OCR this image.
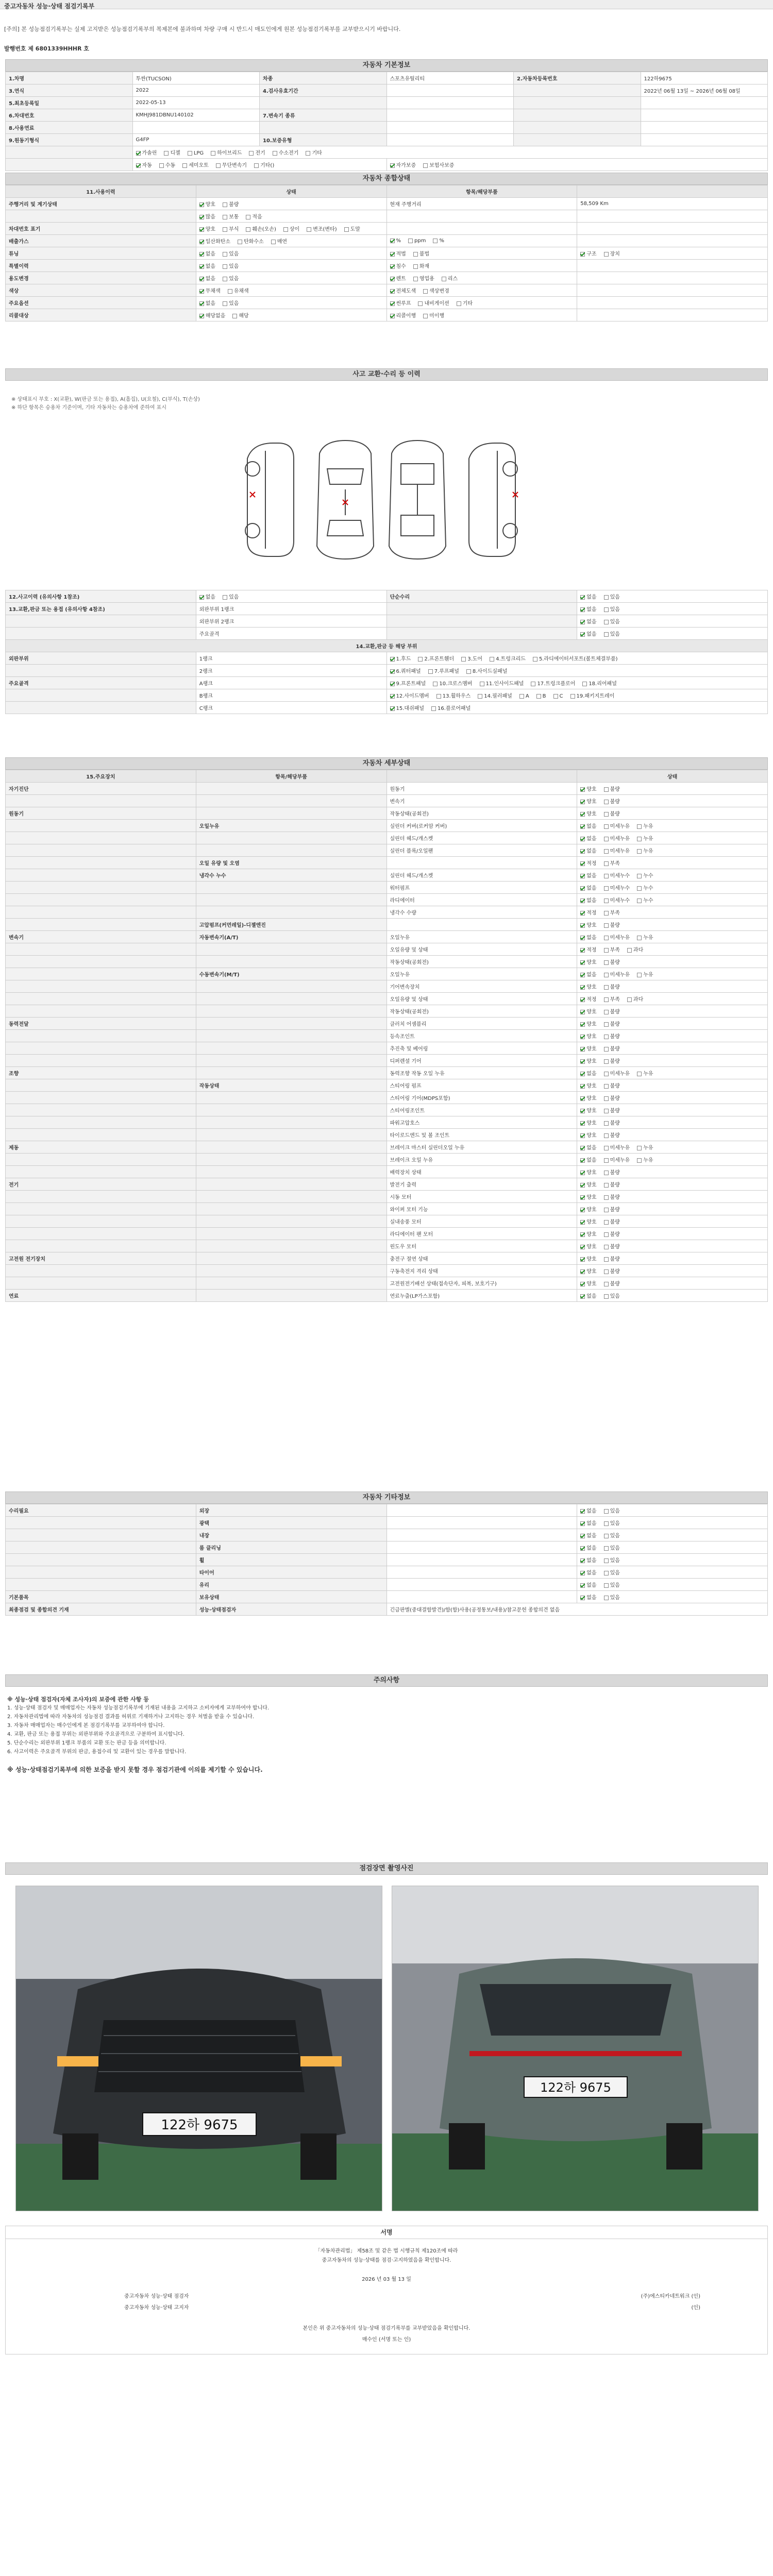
중고자동차 성능·상태 점검기록부
[주의] 본 성능점검기록부는 실제 고지받은 성능점검기록부의 복제본에 불과하며 차량 구매 시 반드시 매도인에게 원본 성능점검기록부를 교부받으시기 바랍니다.
발행번호 제 6801339HHHR 호
자동차 기본정보
1.차명	투싼(TUCSON)	차종	스포츠유틸리티	2.자동차등록번호	122하9675
3.연식	2022	4.검사유효기간			2022년 06월 13일 ~ 2026년 06월 08일
5.최초등록일	2022-05-13				
6.차대번호	KMHJ981DBNU140102	7.변속기 종류			
8.사용연료					
9.원동기형식	G4FP	10.보증유형			
	가솔린 디젤 LPG 하이브리드 전기 수소전기 기타				
	자동 수동 세미오토 무단변속기 기타()		자가보증 보험사보증		
자동차 종합상태
11.사용이력	상태	항목/해당부품	
주행거리 및 계기상태	양호 불량	현재 주행거리	58,509 Km
	많음 보통 적음		
차대번호 표기	양호 부식 훼손(오손) 상이 변조(변타) 도말		
배출가스	일산화탄소 탄화수소 매연	% ppm %	
튜닝	없음 있음	적법 불법	구조 장치
특별이력	없음 있음	침수 화재	
용도변경	없음 있음	렌트 영업용 리스	
색상	무채색 유채색	전체도색 색상변경	
주요옵션	없음 있음	썬루프 내비게이션 기타	
리콜대상	해당없음 해당	리콜이행 미이행	
사고 교환·수리 등 이력
※ 상태표시 부호 : X(교환), W(판금 또는 용접), A(흠집), U(요철), C(부식), T(손상)
※ 하단 항목은 승용차 기준이며, 기타 자동차는 승용차에 준하여 표시
12.사고이력 (유의사항 1참조)	없음 있음	단순수리	없음 있음
13.교환,판금 또는 용접 (유의사항 4참조)	외판부위 1랭크		없음 있음
	외판부위 2랭크		없음 있음
	주요골격		없음 있음
14.교환,판금 등 해당 부위			
외판부위	1랭크	1.후드 2.프론트휀더 3.도어 4.트렁크리드 5.라디에이터서포트(볼트체결부품)	
	2랭크	6.쿼터패널 7.루프패널 8.사이드실패널	
주요골격	A랭크	9.프론트패널 10.크로스멤버 11.인사이드패널 17.트렁크플로어 18.리어패널	
	B랭크	12.사이드멤버 13.휠하우스 14.필러패널 A B C 19.패키지트레이	
	C랭크	15.대쉬패널 16.플로어패널	
자동차 세부상태
15.주요장치	항목/해당부품		상태
자기진단		원동기	양호 불량
		변속기	양호 불량
원동기		작동상태(공회전)	양호 불량
	오일누유	실린더 커버(로커암 커버)	없음 미세누유 누유
		실린더 헤드/개스켓	없음 미세누유 누유
		실린더 블록/오일팬	없음 미세누유 누유
	오일 유량 및 오염		적정 부족
	냉각수 누수	실린더 헤드/개스켓	없음 미세누수 누수
		워터펌프	없음 미세누수 누수
		라디에이터	없음 미세누수 누수
		냉각수 수량	적정 부족
	고압펌프(커먼레일)-디젤엔진		양호 불량
변속기	자동변속기(A/T)	오일누유	없음 미세누유 누유
		오일유량 및 상태	적정 부족 과다
		작동상태(공회전)	양호 불량
	수동변속기(M/T)	오일누유	없음 미세누유 누유
		기어변속장치	양호 불량
		오일유량 및 상태	적정 부족 과다
		작동상태(공회전)	양호 불량
동력전달		클러치 어셈블리	양호 불량
		등속조인트	양호 불량
		추진축 및 베어링	양호 불량
		디퍼렌셜 기어	양호 불량
조향		동력조향 작동 오일 누유	없음 미세누유 누유
	작동상태	스티어링 펌프	양호 불량
		스티어링 기어(MDPS포함)	양호 불량
		스티어링조인트	양호 불량
		파워고압호스	양호 불량
		타이로드엔드 및 볼 조인트	양호 불량
제동		브레이크 마스터 실린더오일 누유	없음 미세누유 누유
		브레이크 오일 누유	없음 미세누유 누유
		배력장치 상태	양호 불량
전기		발전기 출력	양호 불량
		시동 모터	양호 불량
		와이퍼 모터 기능	양호 불량
		실내송풍 모터	양호 불량
		라디에이터 팬 모터	양호 불량
		윈도우 모터	양호 불량
고전원 전기장치		충전구 절연 상태	양호 불량
		구동축전지 격리 상태	양호 불량
		고전원전기배선 상태(접속단자, 피복, 보호기구)	양호 불량
연료		연료누출(LP가스포함)	없음 있음
자동차 기타정보
수리필요	외장		없음 있음
	광택		없음 있음
	내장		없음 있음
	룸 클리닝		없음 있음
	휠		없음 있음
	타이어		없음 있음
	유리		없음 있음
기본품목	보유상태		없음 있음
최종점검 및 종합의견 기재	성능·상태점검자	긴급판별(중대결함발견)/함(함)사용(공정통보/내용)/참고문헌 종합의견 없음	
주의사항

※ 성능·상태 점검자(자체 조사자)의 보증에 관한 사항 등

1. 성능·상태 점검자 및 매매업자는 자동차 성능점검기록부에 기재된 내용을 고지하고 소비자에게 교부하여야 합니다.

2. 자동차관리법에 따라 자동차의 성능점검 결과를 허위로 기재하거나 고지하는 경우 처벌을 받을 수 있습니다.

3. 자동차 매매업자는 매수인에게 본 점검기록부를 교부하여야 합니다.

4. 교환, 판금 또는 용접 부위는 외판부위와 주요골격으로 구분하여 표시합니다.

5. 단순수리는 외판부위 1랭크 부품의 교환 또는 판금 등을 의미합니다.

6. 사고이력은 주요골격 부위의 판금, 용접수리 및 교환이 있는 경우를 말합니다.

※ 성능·상태점검기록부에 의한 보증을 받지 못할 경우 점검기관에 이의를 제기할 수 있습니다.

점검장면 촬영사진
122하 9675
122하 9675
서명
「자동차관리법」 제58조 및 같은 법 시행규칙 제120조에 따라
중고자동차의 성능·상태를 점검·고지하였음을 확인합니다.
2026 년 03 월 13 일
중고자동차 성능·상태 점검자
중고자동차 성능·상태 고지자
(주)에스티카네트워크 (인)
(인)
본인은 위 중고자동차의 성능·상태 점검기록부를 교부받았음을 확인합니다.
매수인 (서명 또는 인)
